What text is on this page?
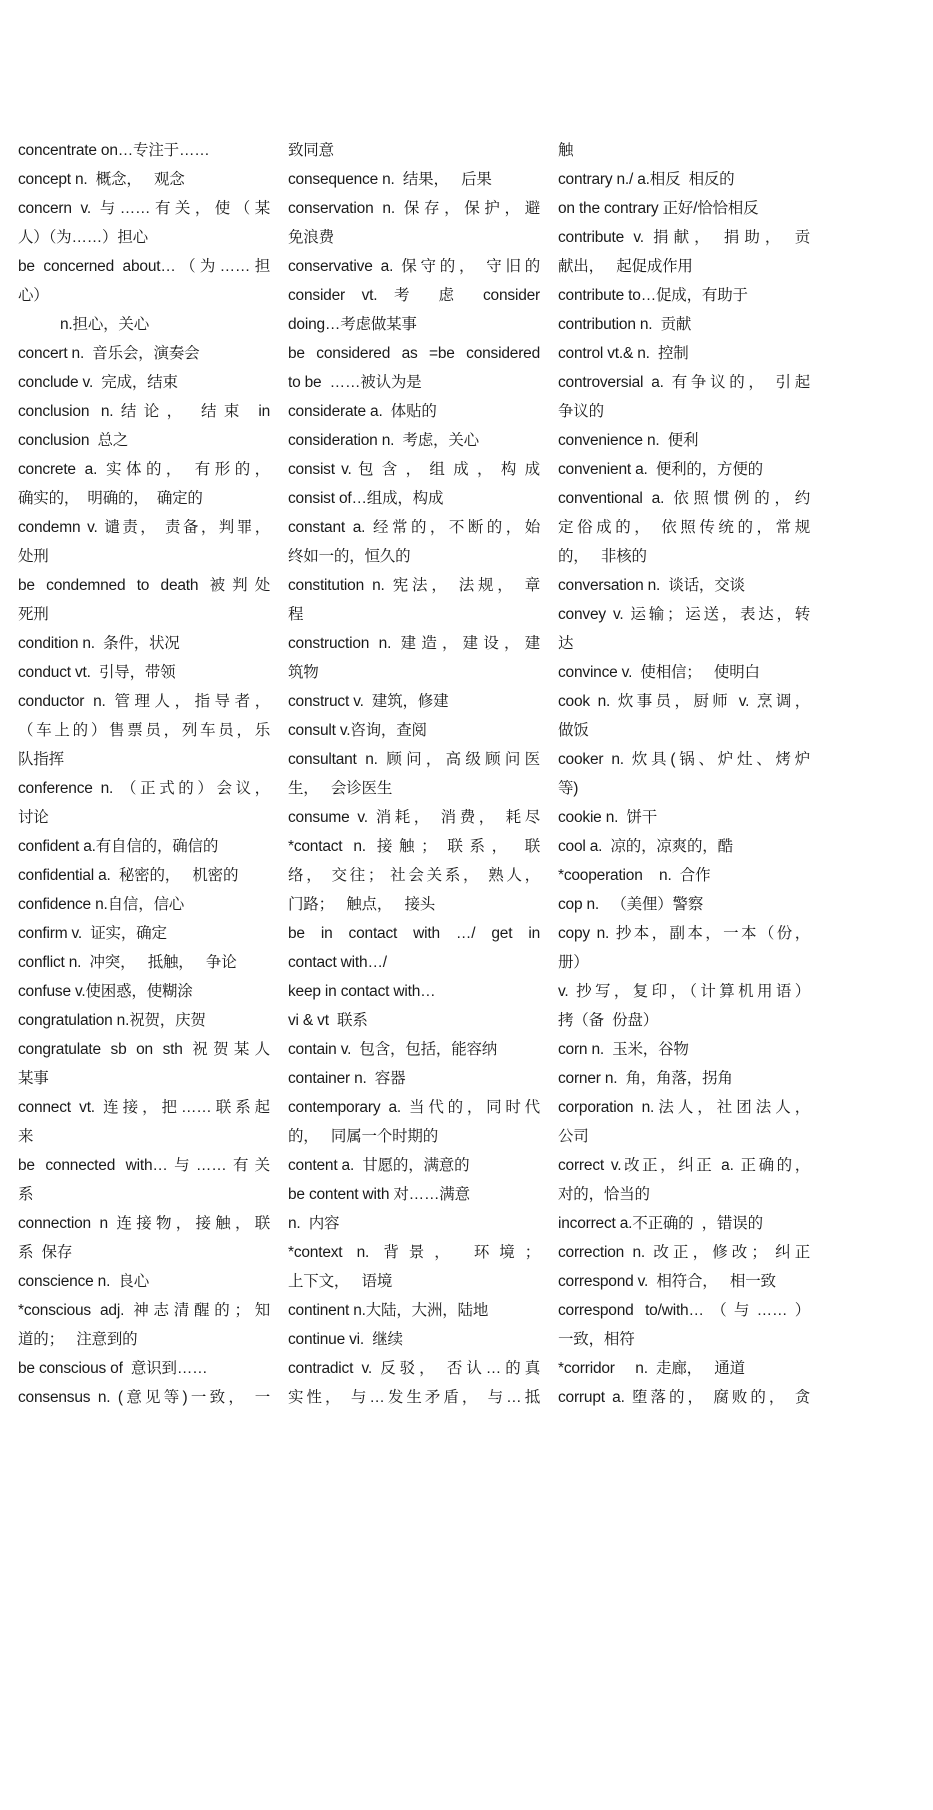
concentrate on…专注于……
concept n.  概念，   观念
concern v. 与……有关，使（某
人）（为……）担心
be concerned about…（为……担
心）
n.担心，关心
concert n.  音乐会，演奏会
conclude v.  完成，结束
conclusion n.结论， 结束 in
conclusion  总之
concrete a. 实体的， 有形的，
确实的，  明确的，  确定的
condemn v. 谴责， 责备，判罪，
处刑
be condemned to death 被判处
死刑
condition n.  条件，状况
conduct vt.  引导，带领
conductor n. 管理人，指导者，
（车上的）售票员，列车员，乐
队指挥
conference n. （正式的）会议，
讨论
confident a.有自信的，确信的
confidential a.  秘密的，   机密的
confidence n.自信，信心
confirm v.  证实，确定
conflict n.  冲突，   抵触，   争论
confuse v.使困惑，使糊涂
congratulation n.祝贺，庆贺
congratulate sb on sth 祝贺某人
某事
connect vt. 连接，把……联系起
来
be connected with…与……有关
系
connection n 连接物，接触，联
系  保存
conscience n.  良心
*conscious adj. 神志清醒的；知
道的；   注意到的
be conscious of  意识到……
consensus n. (意见等)一致， 一
致同意
consequence n.  结果，   后果
conservation n. 保存，保护，避
免浪费
conservative a. 保守的， 守旧的
consider vt. 考 虑 consider
doing…考虑做某事
be considered as =be considered
to be  ……被认为是
considerate a.  体贴的
consideration n.  考虑，关心
consist v. 包 含 ， 组 成 ， 构 成
consist of…组成，构成
constant a. 经常的，不断的，始
终如一的，恒久的
constitution n. 宪法， 法规， 章
程
construction n. 建造，建设，建
筑物
construct v.  建筑，修建
consult v.咨询，查阅
consultant n. 顾问，高级顾问医
生，   会诊医生
consume v. 消耗， 消费， 耗尽
*contact n. 接触； 联系， 联
络， 交往； 社会关系， 熟人，
门路；   触点，   接头
be in contact with …/ get in
contact with…/
keep in contact with…
vi & vt  联系
contain v.  包含，包括，能容纳
container n.  容器
contemporary a. 当代的，同时代
的，   同属一个时期的
content a.  甘愿的，满意的
be content with 对……满意
n.  内容
*context n. 背景， 环境；
上下文，   语境
continent n.大陆，大洲，陆地
continue vi.  继续
contradict v. 反驳， 否认…的真
实性， 与…发生矛盾， 与…抵
触
contrary n./ a.相反  相反的
on the contrary 正好/恰恰相反
contribute v. 捐献， 捐助， 贡
献出，   起促成作用
contribute to…促成，有助于
contribution n.  贡献
control vt.& n.  控制
controversial a. 有争议的， 引起
争议的
convenience n.  便利
convenient a.  便利的，方便的
conventional a. 依照惯例的，约
定俗成的， 依照传统的，常规
的，   非核的
conversation n.  谈话，交谈
convey v. 运输；运送，表达，转
达
convince v.  使相信；   使明白
cook n. 炊事员，厨师 v. 烹调，
做饭
cooker n. 炊具(锅、炉灶、烤炉
等)
cookie n.  饼干
cool a.  凉的，凉爽的，酷
*cooperation    n.  合作
cop n.   （美俚）警察
copy n. 抄本，副本，一本（份，
册）
v. 抄写，复印，（计算机用语）
拷（备  份盘）
corn n.  玉米，谷物
corner n.  角，角落，拐角
corporation n.法人，社团法人，
公司
correct v.改正，纠正 a. 正确的，
对的，恰当的
incorrect a.不正确的  ，错误的
correction n. 改正，修改； 纠正
correspond v.  相符合，   相一致
correspond to/with…（与……）
一致，相符
*corridor     n.  走廊，   通道
corrupt a. 堕落的， 腐败的， 贪
